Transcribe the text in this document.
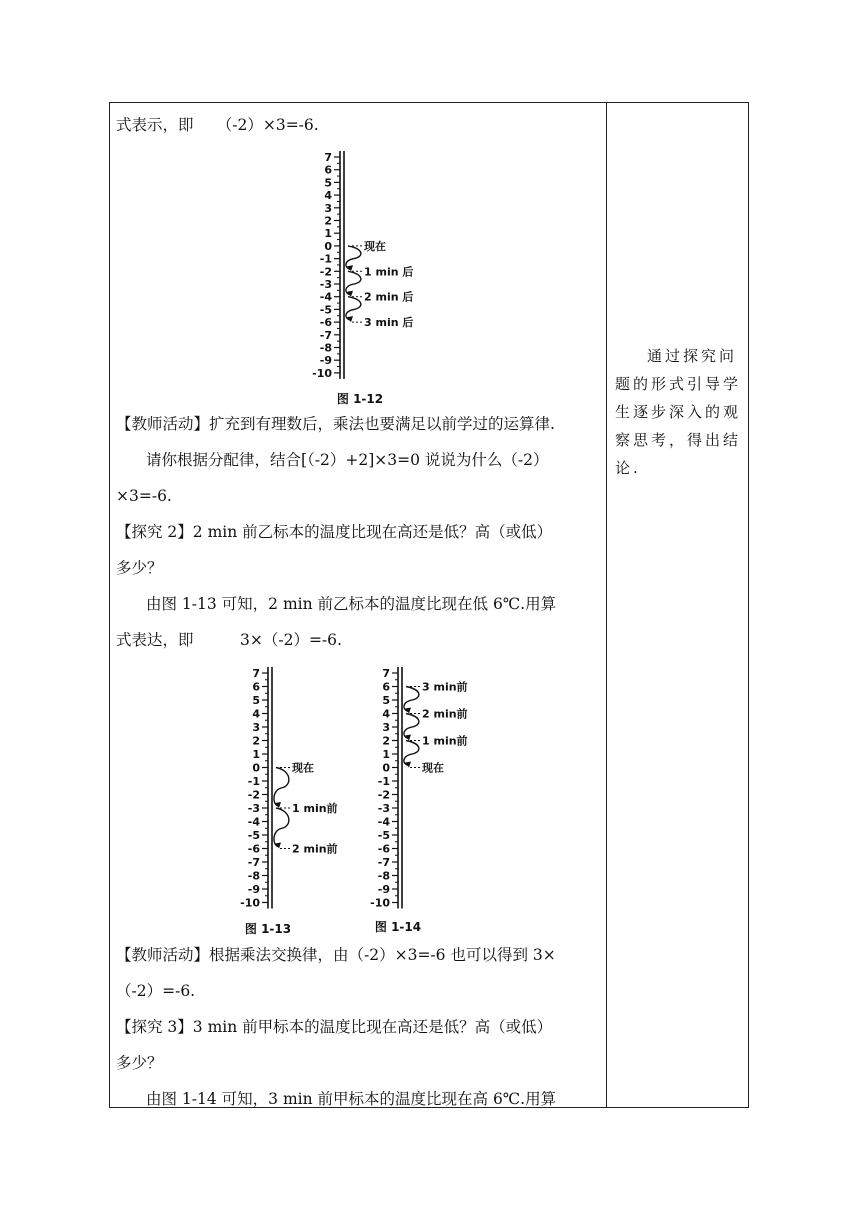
式表示，即　　（-2）×3=-6.
7
6
5
4
3
2
1
0
-1
-2
-3
-4
-5
-6
-7
-8
-9
-10
现在
1 min 后
2 min 后
3 min 后
图 1-12
【教师活动】扩充到有理数后，乘法也要满足以前学过的运算律.
请你根据分配律，结合[（-2）+2]×3=0 说说为什么（-2）
×3=-6.
【探究 2】2 min 前乙标本的温度比现在高还是低？高（或低）
多少？
由图 1-13 可知，2 min 前乙标本的温度比现在低 6℃.用算
式表达，即　　　3×（-2）=-6.
7
6
5
4
3
2
1
0
-1
-2
-3
-4
-5
-6
-7
-8
-9
-10
现在
1 min前
2 min前
图 1-13
7
6
5
4
3
2
1
0
-1
-2
-3
-4
-5
-6
-7
-8
-9
-10
3 min前
2 min前
1 min前
现在
图 1-14
【教师活动】根据乘法交换律，由（-2）×3=-6 也可以得到 3×
（-2）=-6.
【探究 3】3 min 前甲标本的温度比现在高还是低？高（或低）
多少？
由图 1-14 可知，3 min 前甲标本的温度比现在高 6℃.用算
通过探究问
题的形式引导学
生逐步深入的观
察思考，得出结
论.
